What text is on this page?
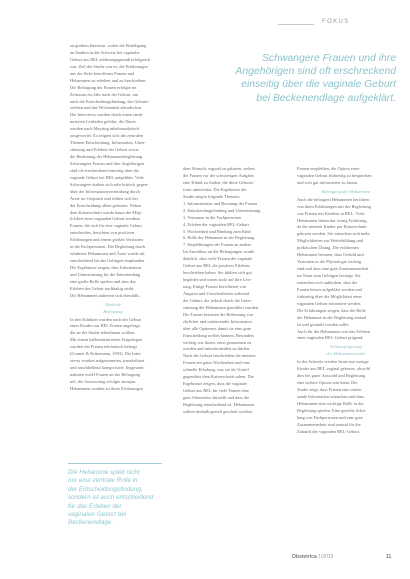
FOKUS
Schwangere Frauen und ihre
Angehörigen sind oft erschreckend
einseitig über die vaginale Geburt
bei Beckenendlage aufgeklärt.
zu großem Interesse, wobei die Beteiligung
an Studien in der Schweiz bei vaginaler
Geburt aus BEL erfahrungsgemäß erfolgreich
war. Ziel der Studie war es, die Erfahrungen
aus der Sicht betroffener Frauen und
Hebammen zu erheben und zu beschreiben.
Die Befragung der Frauen erfolgte im
Zeitraum ein Jahr nach der Geburt, um
auch die Entscheidungsfindung, das Geburts-
erleben und das Wochenbett abzudecken.
Die Interviews wurden durch einen struk-
turierten Leitfaden geführt, die Daten
wurden nach Mayring inhaltsanalytisch
ausgewertet. Es zeigten sich die zentralen
Themen Entscheidung, Information, Unter-
stützung und Erleben der Geburt sowie
die Bedeutung der Hebammenbegleitung.
Schwangere Frauen und ihre Angehörigen
sind oft erschreckend einseitig über die
vaginale Geburt bei BEL aufgeklärt. Viele
Schwangere äußern sich sehr kritisch gegen-
über der Informationsvermittlung durch
Ärzte im Gespräch und fühlen sich bei
der Entscheidung allein gelassen. Neben
dem Kaiserschnitt wurde kaum die Mög-
lichkeit einer vaginalen Geburt erwähnt.
Frauen, die sich für eine vaginale Geburt
entschieden, berichten von positiven
Erfahrungen und einem großen Vertrauen
in die Fachpersonen. Die Begleitung durch
erfahrene Hebammen und Ärzte wurde als
entscheidend für das Gelingen empfunden.
Die Ergebnisse zeigen, dass Information
und Unterstützung für die Entscheidung
eine große Rolle spielen und dass das
Erleben der Geburt nachhaltig wirkt.
Die Hebammen äußerten sich ebenfalls.
Methode
Befragung
In den Kliniken wurden nach der Geburt
eines Kindes aus BEL Frauen angefragt,
die an der Studie teilnehmen wollten.
Mit einem halbstrukturierten Fragebogen
wurden die Frauen telefonisch befragt
(Cramer & Krützmann, 1993). Die Inter-
views wurden aufgenommen, transkribiert
und anschließend kategorisiert. Insgesamt
nahmen zwölf Frauen an der Befragung
teil, die Auswertung erfolgte anonym.
Hebammen wurden zu ihren Erfahrungen
dem Wunsch, vaginal zu gebären, stehen
die Frauen vor der schwierigen Aufgabe,
eine Klinik zu finden, die diese Geburts-
form unterstützt. Die Ergebnisse der
Studie zeigen folgende Themen:
1. Informationen und Beratung der Frauen
2. Entscheidungsfindung und Unterstützung
3. Vertrauen in die Fachpersonen
4. Erleben der vaginalen BEL-Geburt
5. Wochenbett und Bindung zum Kind
6. Rolle der Hebamme in der Begleitung
7. Empfehlungen der Frauen an andere
Im Anschluss an die Befragungen wurde
deutlich, dass viele Frauen die vaginale
Geburt aus BEL als positives Erlebnis
beschrieben haben. Sie fühlten sich gut
begleitet und waren stolz auf ihre Leis-
tung. Einige Frauen berichteten von
Ängsten und Unsicherheiten während
der Geburt, die jedoch durch die Unter-
stützung der Hebammen gemildert wurden.
Die Frauen betonten die Bedeutung von
ehrlicher und umfassender Information
über alle Optionen, damit sie eine gute
Entscheidung treffen können. Besonders
wichtig war ihnen, ernst genommen zu
werden und mitentscheiden zu dürfen.
Nach der Geburt beschrieben die meisten
Frauen ein gutes Wochenbett und eine
schnelle Erholung, was sie als Vorteil
gegenüber dem Kaiserschnitt sahen. Die
Ergebnisse zeigen, dass die vaginale
Geburt aus BEL für viele Frauen eine
gute Alternative darstellt und dass die
Begleitung entscheidend ist. Hebammen
sollten deshalb gezielt geschult werden.
Frauen empfehlen, die Option einer
vaginalen Geburt frühzeitig zu besprechen
und sich gut informieren zu lassen.
Befragung der Hebammen
Auch die befragten Hebammen berichten
von ihren Erfahrungen mit der Begleitung
von Frauen mit Kindern in BEL. Viele
Hebammen haben nur wenig Erfahrung,
da die meisten Kinder per Kaiserschnitt
geboren werden. Sie wünschen sich mehr
Möglichkeiten zur Weiterbildung und
praktischen Übung. Die erfahrenen
Hebammen betonen, dass Geduld und
Vertrauen in die Physiologie wichtig
sind und dass eine gute Zusammenarbeit
im Team zum Gelingen beiträgt. Sie
wünschen sich außerdem, dass die
Frauen besser aufgeklärt werden und
frühzeitig über die Möglichkeit einer
vaginalen Geburt informiert werden.
Die Erfahrungen zeigen, dass die Rolle
der Hebamme in der Begleitung zentral
ist und gestärkt werden sollte.
Auch für die Hebammen war das Erleben
einer vaginalen BEL-Geburt prägend.
Schlussfolgerung
der Hebammenstudie
In der Schweiz werden heute nur wenige
Kinder aus BEL vaginal geboren, obwohl
dies bei guter Auswahl und Begleitung
eine sichere Option sein kann. Die
Studie zeigt, dass Frauen eine umfas-
sende Information wünschen und dass
Hebammen eine wichtige Rolle in der
Begleitung spielen. Eine gezielte Schu-
lung von Fachpersonen und eine gute
Zusammenarbeit sind zentral für die
Zukunft der vaginalen BEL-Geburt.
Die Hebamme spielt nicht
nur eine zentrale Rolle in
der Entscheidungsfindung,
sondern ist auch entscheidend
für das Erleben der
vaginalen Geburt bei
Beckenendlage.
Obstetrica 1/2019	11
